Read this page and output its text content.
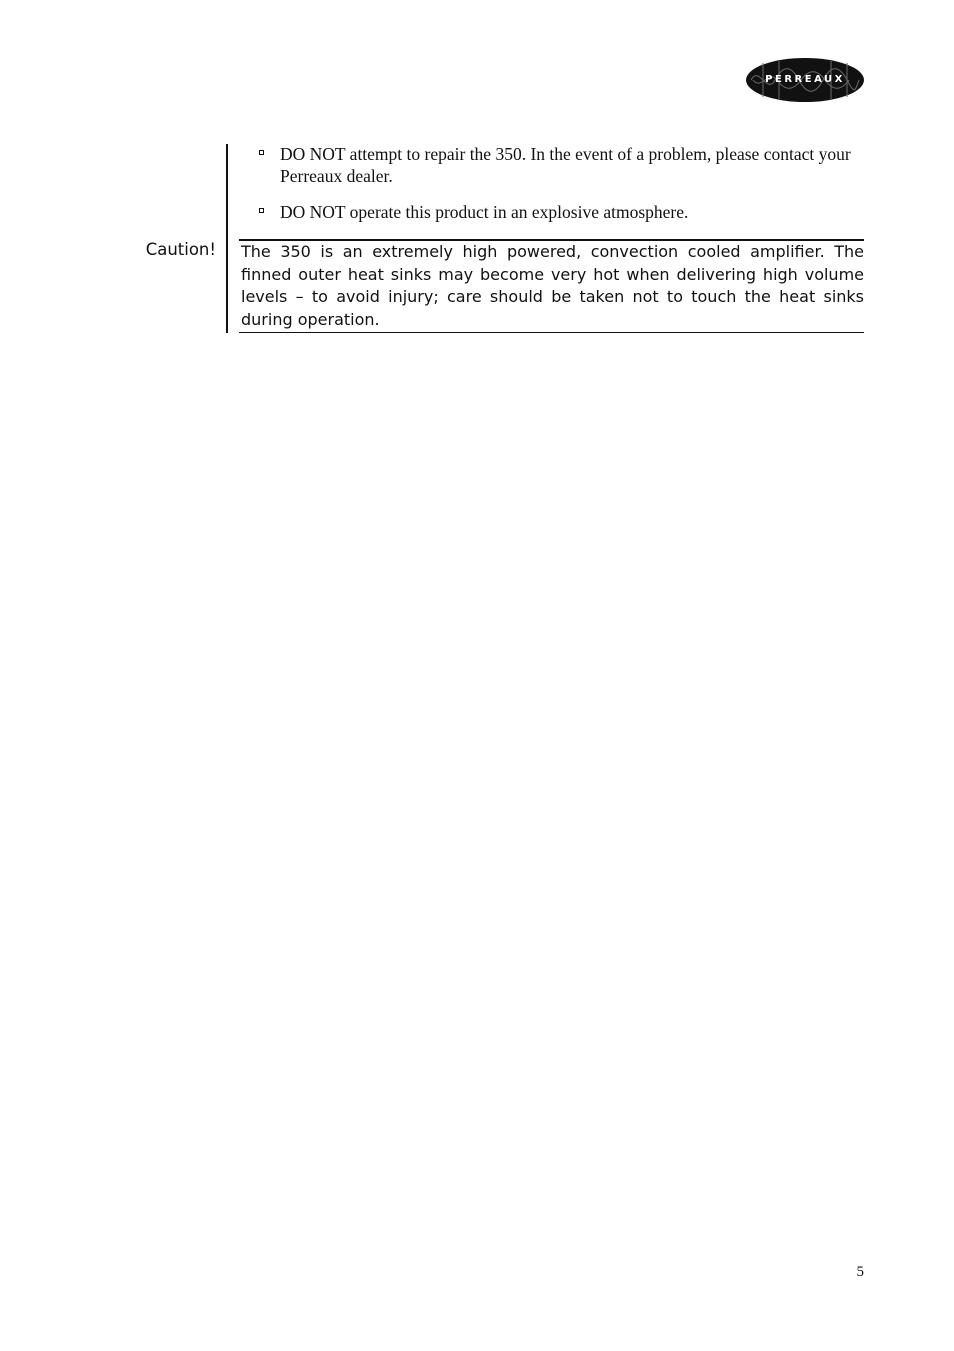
PERREAUX
DO NOT attempt to repair the 350. In the event of a problem, please contact your Perreaux dealer.
DO NOT operate this product in an explosive atmosphere.
Caution! The 350 is an extremely high powered, convection cooled amplifier. The finned outer heat sinks may become very hot when delivering high volume levels – to avoid injury; care should be taken not to touch the heat sinks during operation.

5
